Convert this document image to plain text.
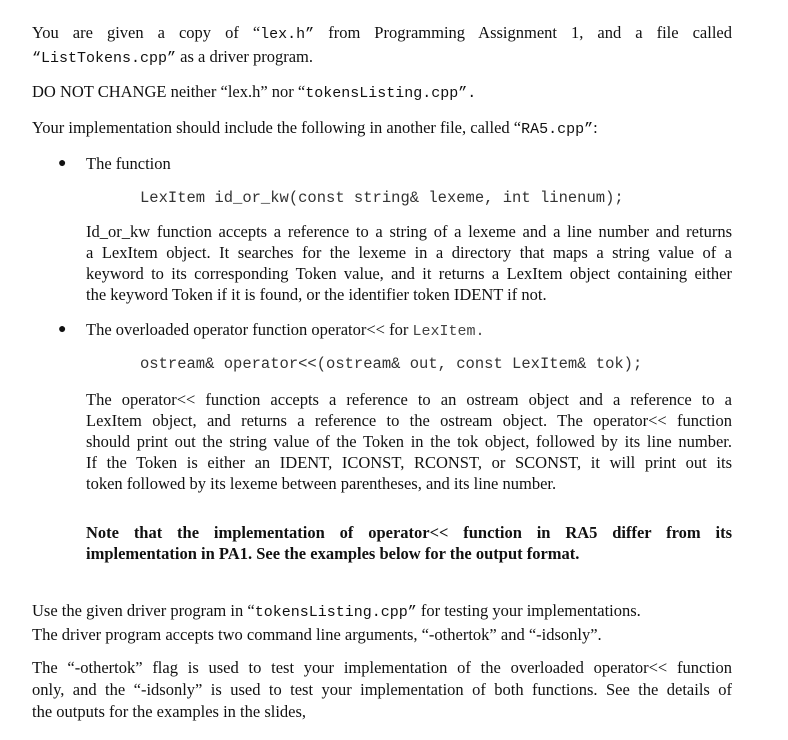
You are given a copy of “lex.h” from Programming Assignment 1, and a file called
“ListTokens.cpp” as a driver program.
DO NOT CHANGE neither “lex.h” nor “tokensListing.cpp”.
Your implementation should include the following in another file, called “RA5.cpp”:
● The function
LexItem id_or_kw(const string& lexeme, int linenum);
Id_or_kw function accepts a reference to a string of a lexeme and a line number and returns
a LexItem object. It searches for the lexeme in a directory that maps a string value of a
keyword to its corresponding Token value, and it returns a LexItem object containing either
the keyword Token if it is found, or the identifier token IDENT if not.
● The overloaded operator function operator<< for LexItem.
ostream& operator<<(ostream& out, const LexItem& tok);
The operator<< function accepts a reference to an ostream object and a reference to a
LexItem object, and returns a reference to the ostream object. The operator<< function
should print out the string value of the Token in the tok object, followed by its line number.
If the Token is either an IDENT, ICONST, RCONST, or SCONST, it will print out its
token followed by its lexeme between parentheses, and its line number.
Note that the implementation of operator<< function in RA5 differ from its
implementation in PA1. See the examples below for the output format.
Use the given driver program in “tokensListing.cpp” for testing your implementations.
The driver program accepts two command line arguments, “-othertok” and “-idsonly”.
The “-othertok” flag is used to test your implementation of the overloaded operator<< function
only, and the “-idsonly” is used to test your implementation of both functions. See the details of
the outputs for the examples in the slides,
